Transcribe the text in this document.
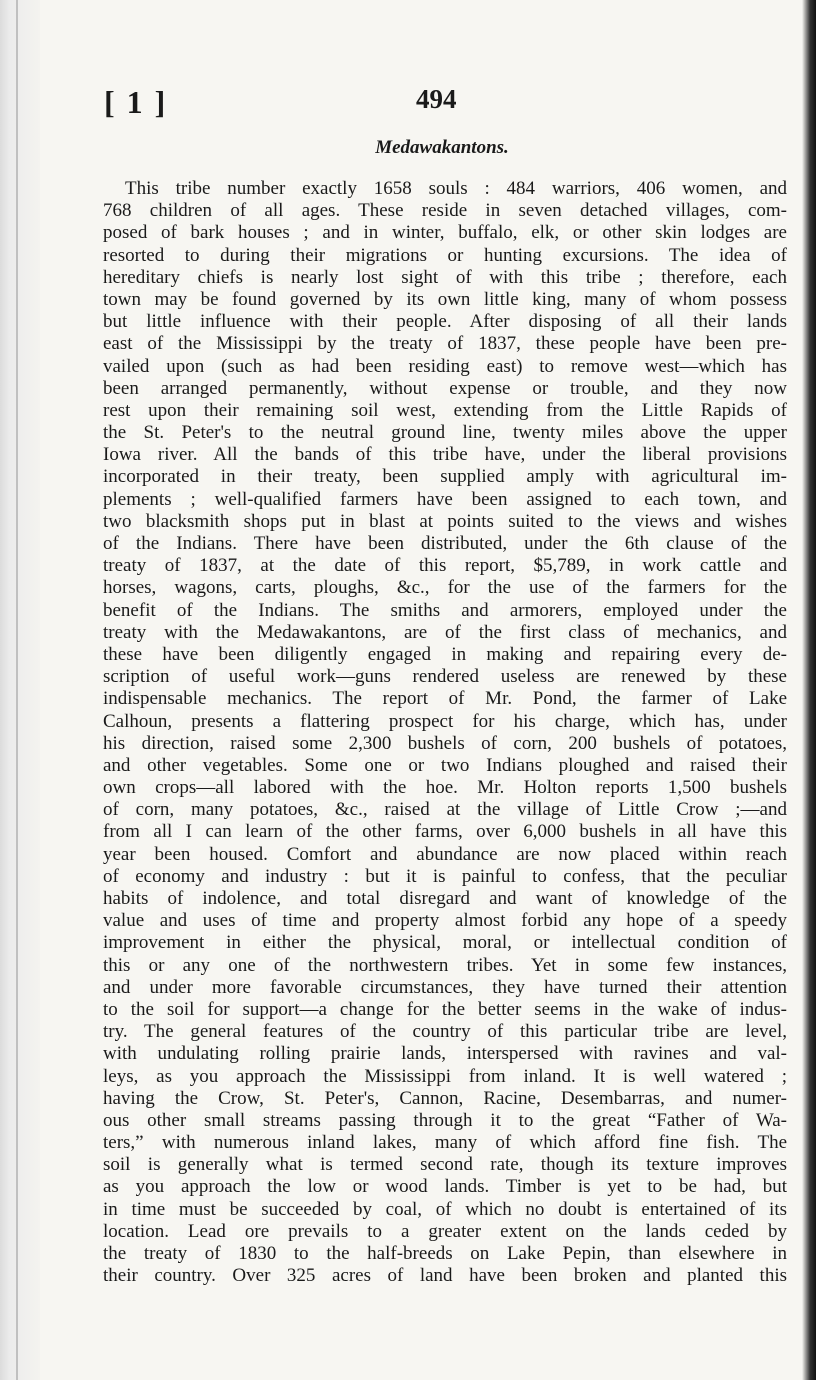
[ 1 ]	494
Medawakantons.
This tribe number exactly 1658 souls : 484 warriors, 406 women, and
768 children of all ages. These reside in seven detached villages, com-
posed of bark houses ; and in winter, buffalo, elk, or other skin lodges are
resorted to during their migrations or hunting excursions. The idea of
hereditary chiefs is nearly lost sight of with this tribe ; therefore, each
town may be found governed by its own little king, many of whom possess
but little influence with their people. After disposing of all their lands
east of the Mississippi by the treaty of 1837, these people have been pre-
vailed upon (such as had been residing east) to remove west—which has
been arranged permanently, without expense or trouble, and they now
rest upon their remaining soil west, extending from the Little Rapids of
the St. Peter's to the neutral ground line, twenty miles above the upper
Iowa river. All the bands of this tribe have, under the liberal provisions
incorporated in their treaty, been supplied amply with agricultural im-
plements ; well-qualified farmers have been assigned to each town, and
two blacksmith shops put in blast at points suited to the views and wishes
of the Indians. There have been distributed, under the 6th clause of the
treaty of 1837, at the date of this report, $5,789, in work cattle and
horses, wagons, carts, ploughs, &c., for the use of the farmers for the
benefit of the Indians. The smiths and armorers, employed under the
treaty with the Medawakantons, are of the first class of mechanics, and
these have been diligently engaged in making and repairing every de-
scription of useful work—guns rendered useless are renewed by these
indispensable mechanics. The report of Mr. Pond, the farmer of Lake
Calhoun, presents a flattering prospect for his charge, which has, under
his direction, raised some 2,300 bushels of corn, 200 bushels of potatoes,
and other vegetables. Some one or two Indians ploughed and raised their
own crops—all labored with the hoe. Mr. Holton reports 1,500 bushels
of corn, many potatoes, &c., raised at the village of Little Crow ;—and
from all I can learn of the other farms, over 6,000 bushels in all have this
year been housed. Comfort and abundance are now placed within reach
of economy and industry : but it is painful to confess, that the peculiar
habits of indolence, and total disregard and want of knowledge of the
value and uses of time and property almost forbid any hope of a speedy
improvement in either the physical, moral, or intellectual condition of
this or any one of the northwestern tribes. Yet in some few instances,
and under more favorable circumstances, they have turned their attention
to the soil for support—a change for the better seems in the wake of indus-
try. The general features of the country of this particular tribe are level,
with undulating rolling prairie lands, interspersed with ravines and val-
leys, as you approach the Mississippi from inland. It is well watered ;
having the Crow, St. Peter's, Cannon, Racine, Desembarras, and numer-
ous other small streams passing through it to the great “Father of Wa-
ters,” with numerous inland lakes, many of which afford fine fish. The
soil is generally what is termed second rate, though its texture improves
as you approach the low or wood lands. Timber is yet to be had, but
in time must be succeeded by coal, of which no doubt is entertained of its
location. Lead ore prevails to a greater extent on the lands ceded by
the treaty of 1830 to the half-breeds on Lake Pepin, than elsewhere in
their country. Over 325 acres of land have been broken and planted this
